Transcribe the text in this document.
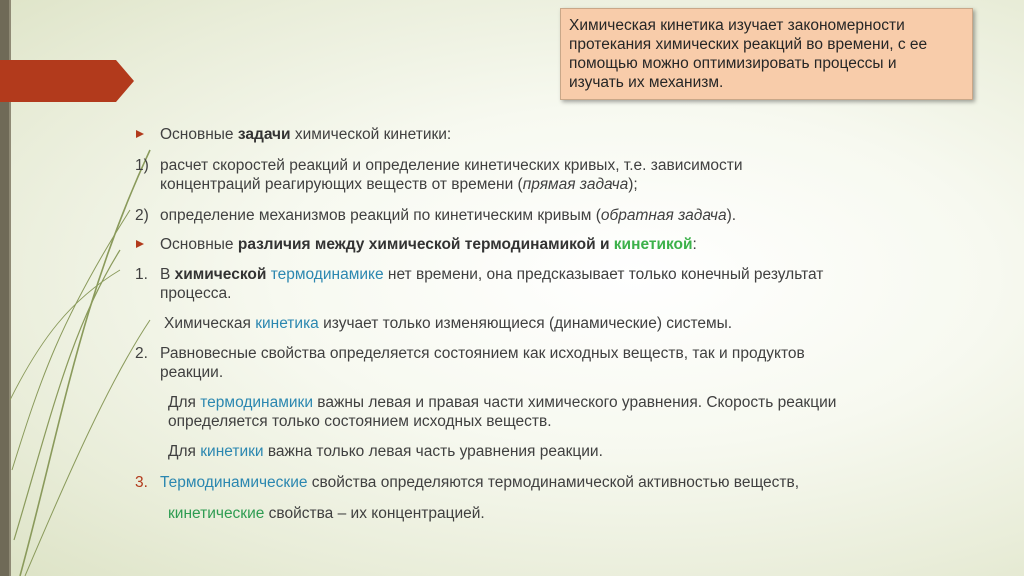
Химическая кинетика изучает закономерности
протекания химических реакций во времени, с ее
помощью можно оптимизировать процессы и
изучать их механизм.
Основные задачи химической кинетики:
1) расчет скоростей реакций и определение кинетических кривых, т.е. зависимости
концентраций реагирующих веществ от времени (прямая задача);
2) определение механизмов реакций по кинетическим кривым (обратная задача).
Основные различия между химической термодинамикой и кинетикой:
1. В химической термодинамике нет времени, она предсказывает только конечный результат
процесса.
Химическая кинетика изучает только изменяющиеся (динамические) системы.
2. Равновесные свойства определяется состоянием как исходных веществ, так и продуктов
реакции.
Для термодинамики важны левая и правая части химического уравнения. Скорость реакции
определяется только состоянием исходных веществ.
Для кинетики важна только левая часть уравнения реакции.
3. Термодинамические свойства определяются термодинамической активностью веществ,
кинетические свойства – их концентрацией.
